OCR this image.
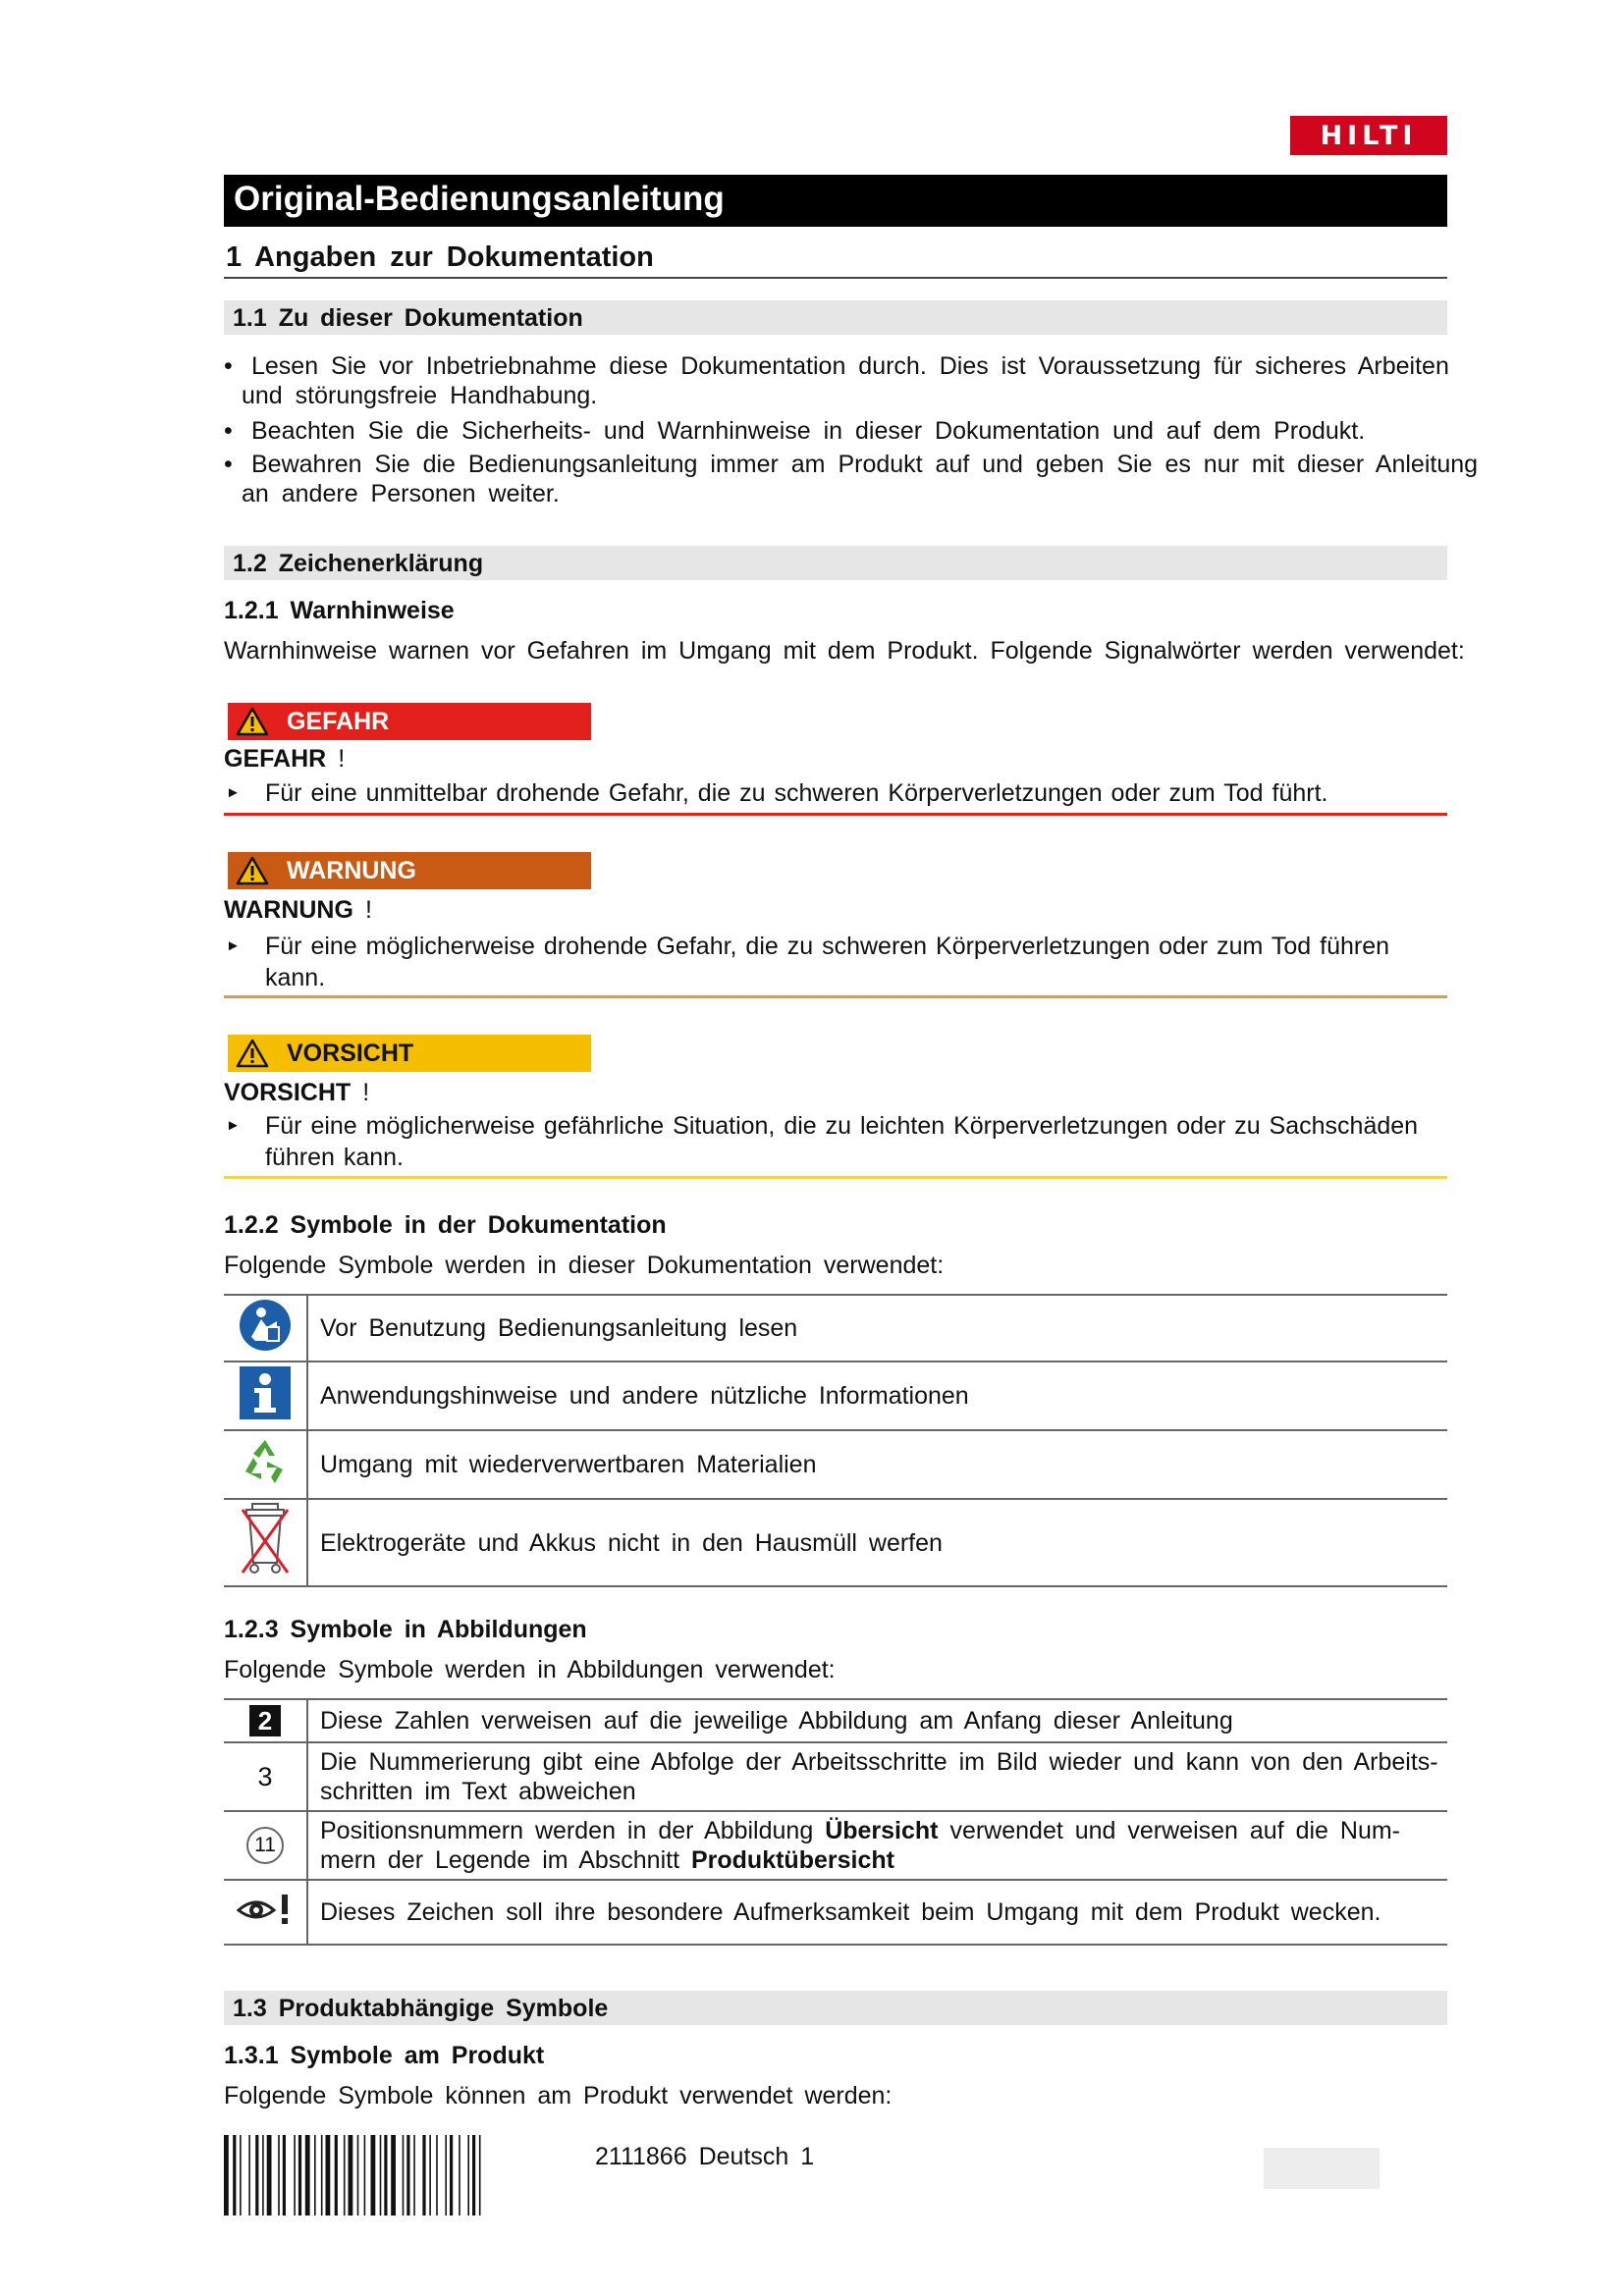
HILTI
Original-Bedienungsanleitung
1 Angaben zur Dokumentation
1.1 Zu dieser Dokumentation
• Lesen Sie vor Inbetriebnahme diese Dokumentation durch. Dies ist Voraussetzung für sicheres Arbeiten
und störungsfreie Handhabung.
• Beachten Sie die Sicherheits- und Warnhinweise in dieser Dokumentation und auf dem Produkt.
• Bewahren Sie die Bedienungsanleitung immer am Produkt auf und geben Sie es nur mit dieser Anleitung
an andere Personen weiter.
1.2 Zeichenerklärung
1.2.1 Warnhinweise
Warnhinweise warnen vor Gefahren im Umgang mit dem Produkt. Folgende Signalwörter werden verwendet:
GEFAHR
GEFAHR !
► Für eine unmittelbar drohende Gefahr, die zu schweren Körperverletzungen oder zum Tod führt.
WARNUNG
WARNUNG !
► Für eine möglicherweise drohende Gefahr, die zu schweren Körperverletzungen oder zum Tod führen
kann.
VORSICHT
VORSICHT !
► Für eine möglicherweise gefährliche Situation, die zu leichten Körperverletzungen oder zu Sachschäden
führen kann.
1.2.2 Symbole in der Dokumentation
Folgende Symbole werden in dieser Dokumentation verwendet:
	Vor Benutzung Bedienungsanleitung lesen
	Anwendungshinweise und andere nützliche Informationen
	Umgang mit wiederverwertbaren Materialien
	Elektrogeräte und Akkus nicht in den Hausmüll werfen
1.2.3 Symbole in Abbildungen
Folgende Symbole werden in Abbildungen verwendet:
2	Diese Zahlen verweisen auf die jeweilige Abbildung am Anfang dieser Anleitung
3	Die Nummerierung gibt eine Abfolge der Arbeitsschritte im Bild wieder und kann von den Arbeits-
schritten im Text abweichen
11	Positionsnummern werden in der Abbildung Übersicht verwendet und verweisen auf die Num-
mern der Legende im Abschnitt Produktübersicht
	Dieses Zeichen soll ihre besondere Aufmerksamkeit beim Umgang mit dem Produkt wecken.
1.3 Produktabhängige Symbole
1.3.1 Symbole am Produkt
Folgende Symbole können am Produkt verwendet werden:
2111866 Deutsch 1
